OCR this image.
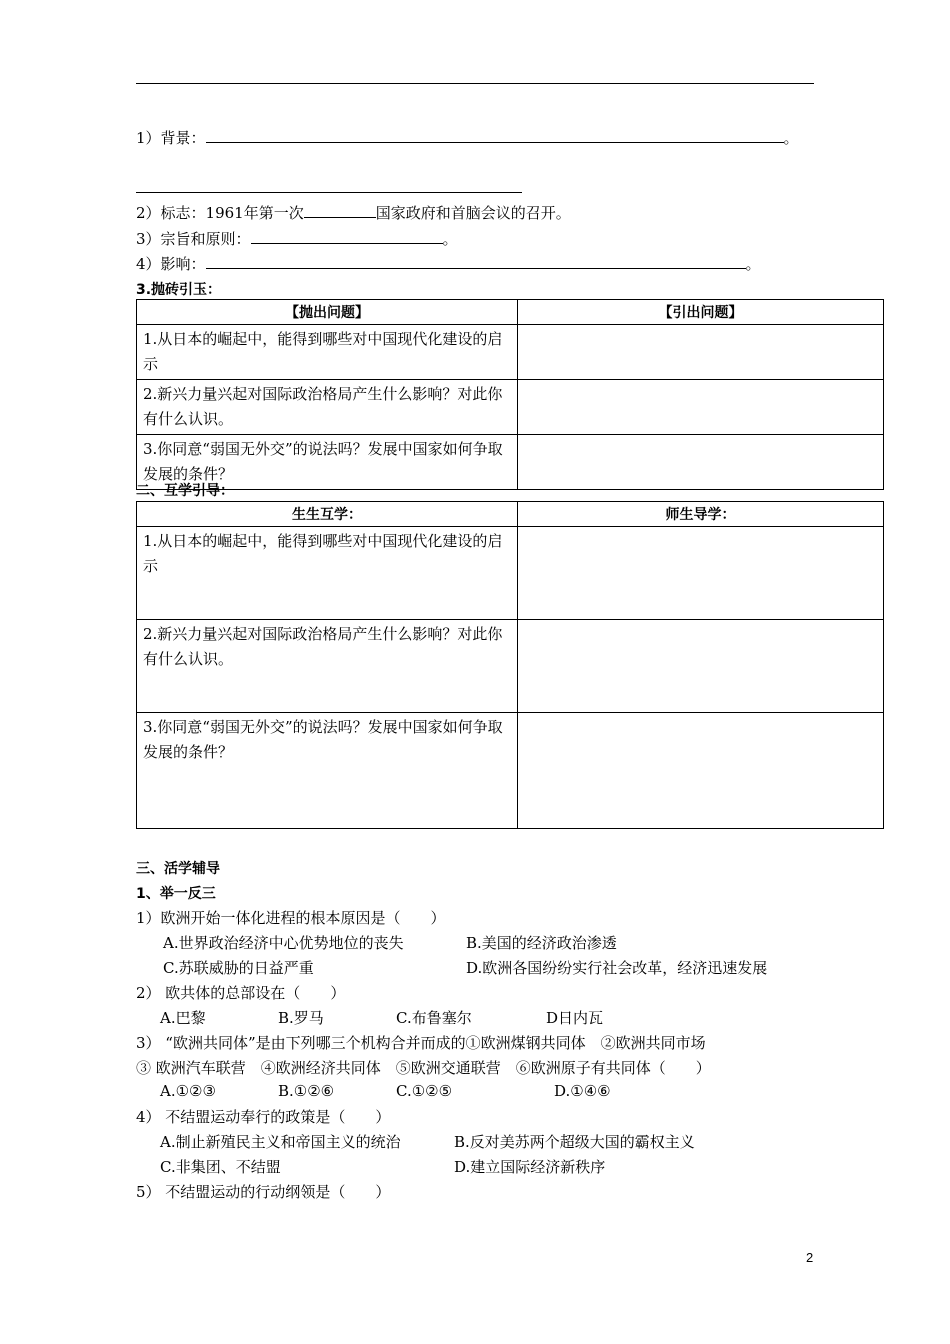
1）背景：	。
2）标志：1961年第一次	国家政府和首脑会议的召开。
3）宗旨和原则：	。
4）影响：	。
3.抛砖引玉：
【抛出问题】	【引出问题】

1.从日本的崛起中，能得到哪些对中国现代化建设的启示	

2.新兴力量兴起对国际政治格局产生什么影响？对此你有什么认识。	

3.你同意“弱国无外交”的说法吗？发展中国家如何争取发展的条件？	

二、互学引导：
生生互学：	师生导学：

1.从日本的崛起中，能得到哪些对中国现代化建设的启示	

2.新兴力量兴起对国际政治格局产生什么影响？对此你有什么认识。	

3.你同意“弱国无外交”的说法吗？发展中国家如何争取发展的条件？	

三、活学辅导
1、举一反三
1）欧洲开始一体化进程的根本原因是（　　）
A.世界政治经济中心优势地位的丧失	B.美国的经济政治渗透
C.苏联威胁的日益严重	D.欧洲各国纷纷实行社会改革，经济迅速发展
2） 欧共体的总部设在（　　）
A.巴黎	B.罗马	C.布鲁塞尔	D日内瓦
3） “欧洲共同体”是由下列哪三个机构合并而成的①欧洲煤钢共同体　②欧洲共同市场
③ 欧洲汽车联营　④欧洲经济共同体　⑤欧洲交通联营　⑥欧洲原子有共同体（　　）
A.①②③	B.①②⑥	C.①②⑤	D.①④⑥
4） 不结盟运动奉行的政策是（　　）
A.制止新殖民主义和帝国主义的统治	B.反对美苏两个超级大国的霸权主义
C.非集团、不结盟	D.建立国际经济新秩序
5） 不结盟运动的行动纲领是（　　）
2
